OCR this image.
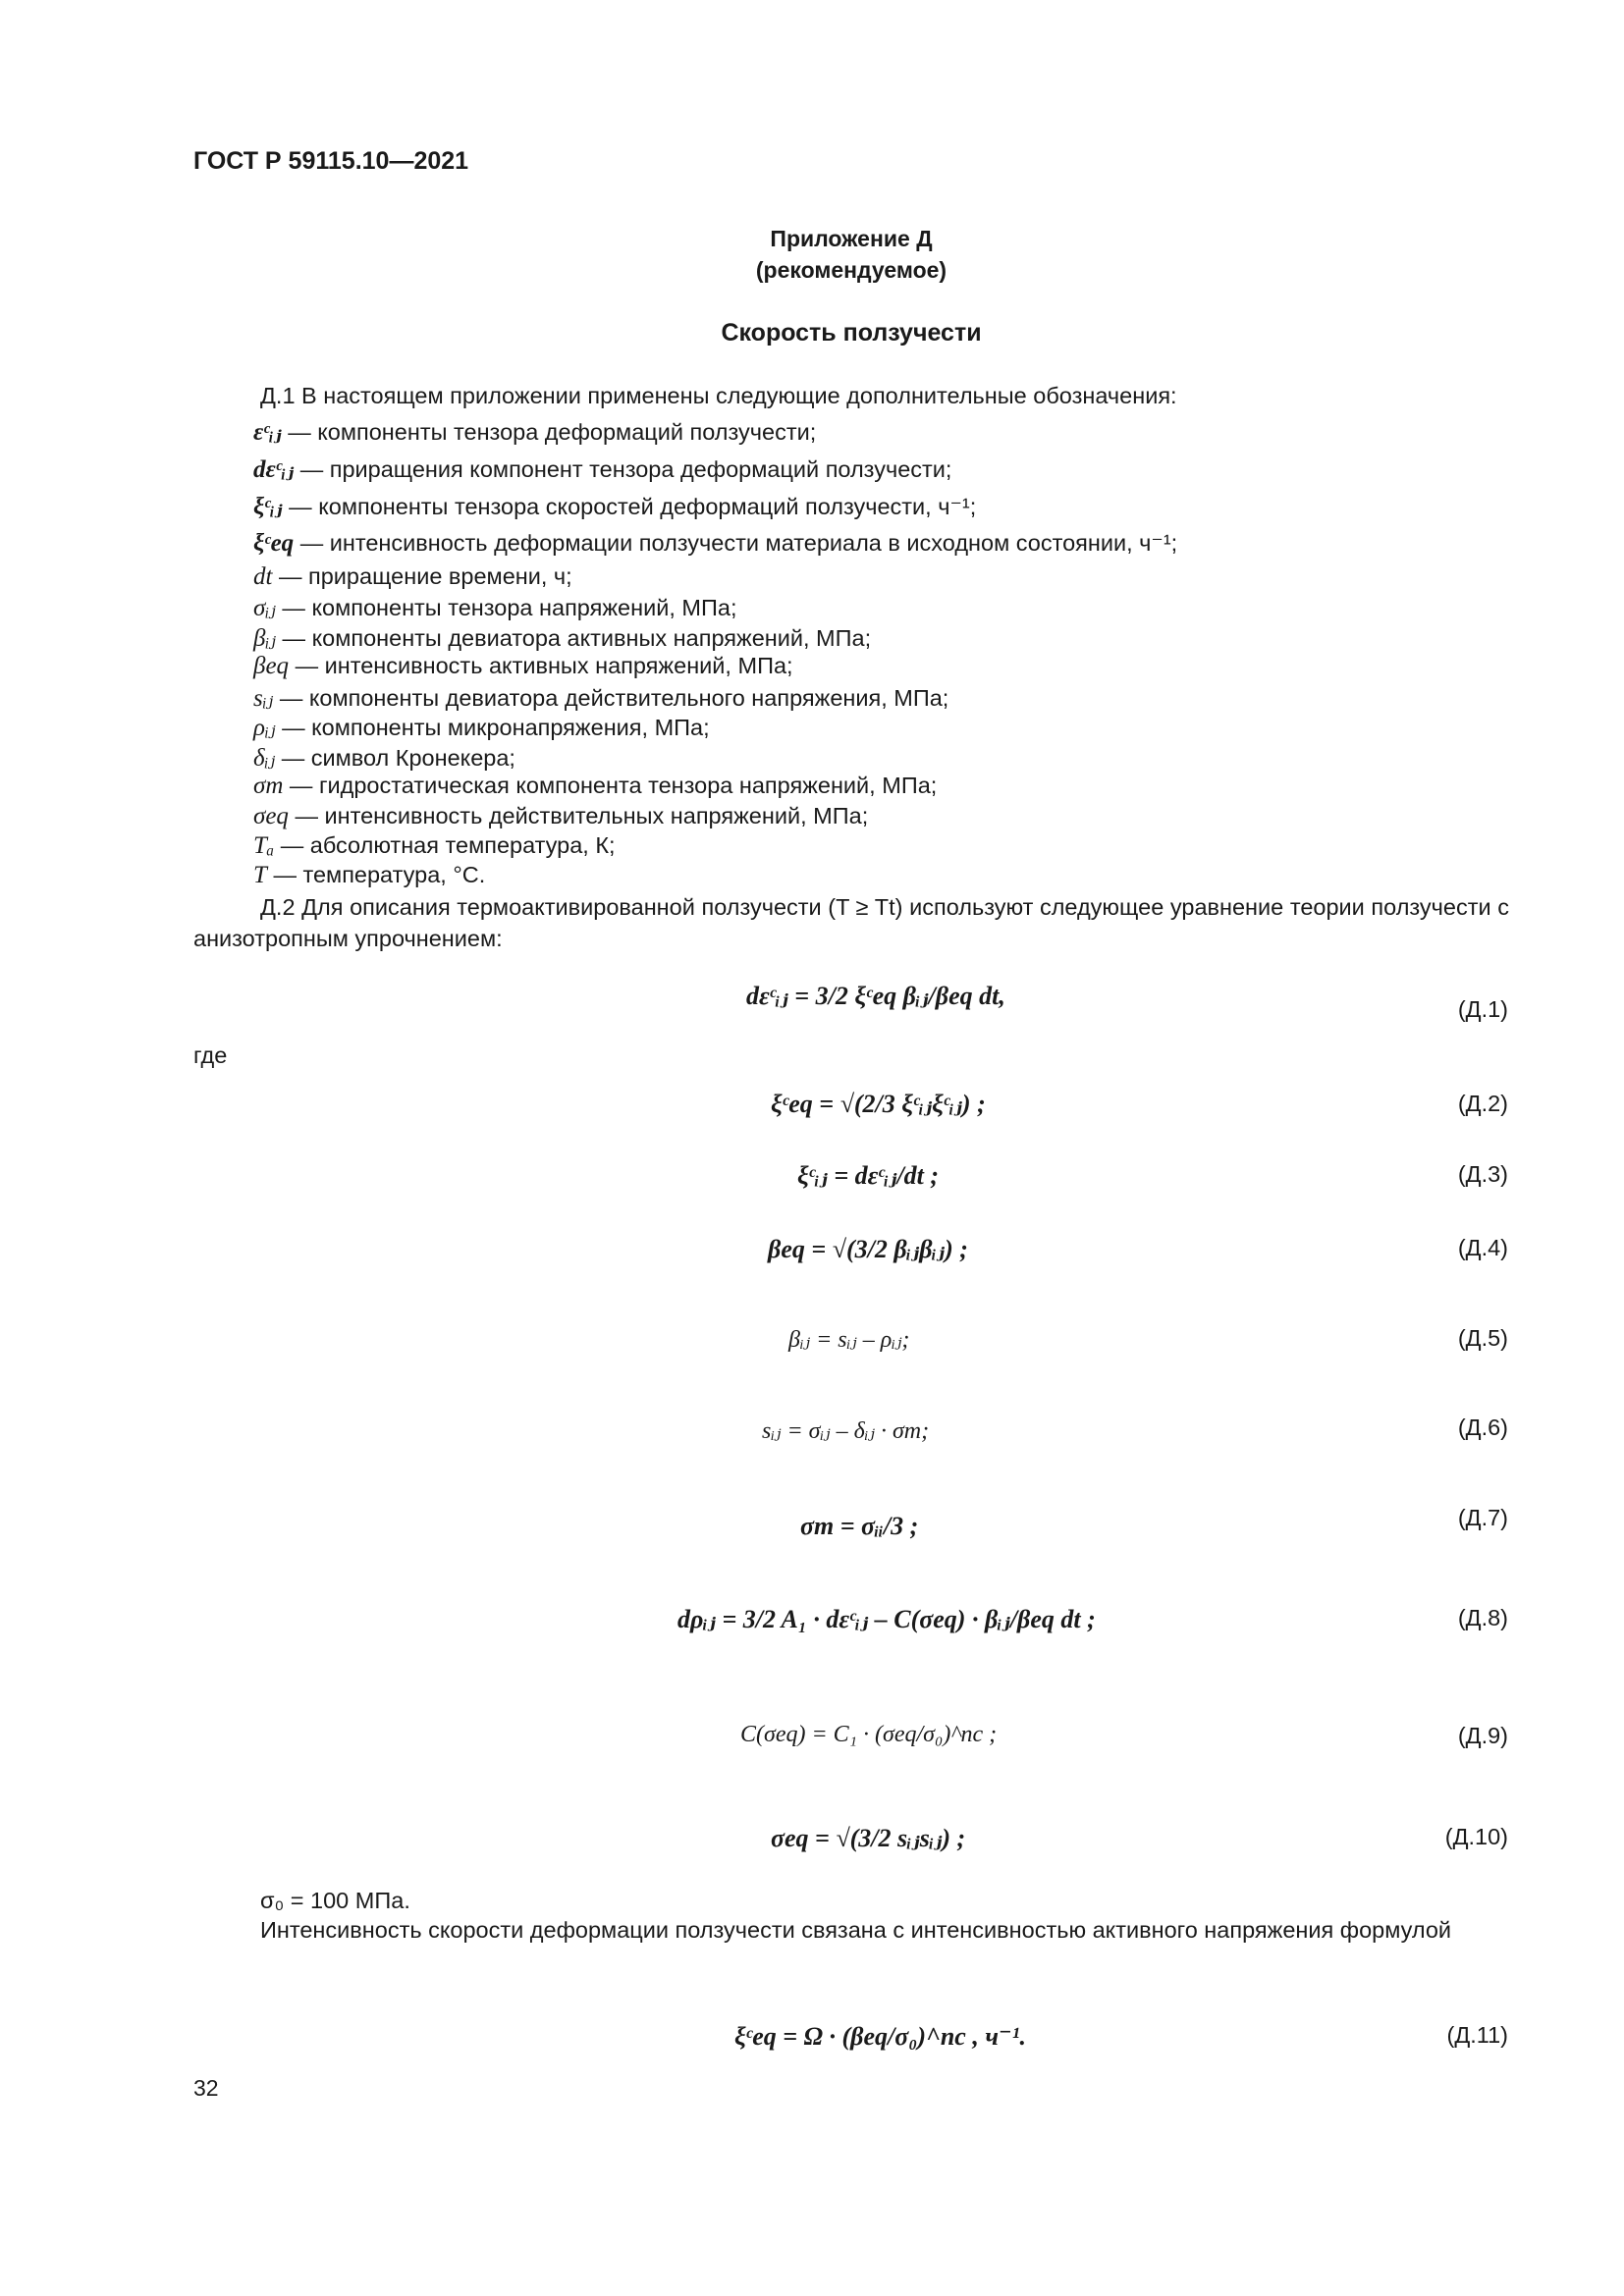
ГОСТ Р 59115.10—2021
Приложение Д
(рекомендуемое)
Скорость ползучести
Д.1 В настоящем приложении применены следующие дополнительные обозначения:
εᶜᵢⱼ — компоненты тензора деформаций ползучести;
dεᶜᵢⱼ — приращения компонент тензора деформаций ползучести;
ξᶜᵢⱼ — компоненты тензора скоростей деформаций ползучести, ч⁻¹;
ξᶜeq — интенсивность деформации ползучести материала в исходном состоянии, ч⁻¹;
dt — приращение времени, ч;
σᵢⱼ — компоненты тензора напряжений, МПа;
βᵢⱼ — компоненты девиатора активных напряжений, МПа;
βeq — интенсивность активных напряжений, МПа;
sᵢⱼ — компоненты девиатора действительного напряжения, МПа;
ρᵢⱼ — компоненты микронапряжения, МПа;
δᵢⱼ — символ Кронекера;
σm — гидростатическая компонента тензора напряжений, МПа;
σeq — интенсивность действительных напряжений, МПа;
Tₐ — абсолютная температура, К;
T — температура, °С.
Д.2 Для описания термоактивированной ползучести (T ≥ Tt) используют следующее уравнение теории ползучести с анизотропным упрочнением:
dεᶜᵢⱼ = 3/2 ξᶜeq βᵢⱼ/βeq dt,	(Д.1)
где
ξᶜeq = √(2/3 ξᶜᵢⱼξᶜᵢⱼ) ;	(Д.2)
ξᶜᵢⱼ = dεᶜᵢⱼ/dt ;	(Д.3)
βeq = √(3/2 βᵢⱼβᵢⱼ) ;	(Д.4)
βᵢⱼ = sᵢⱼ – ρᵢⱼ;	(Д.5)
sᵢⱼ = σᵢⱼ – δᵢⱼ · σm;	(Д.6)
σm = σᵢᵢ/3 ;	(Д.7)
dρᵢⱼ = 3/2 A₁ · dεᶜᵢⱼ – C(σeq) · βᵢⱼ/βeq dt ;	(Д.8)
C(σeq) = C₁ · (σeq/σ₀)^nc ;	(Д.9)
σeq = √(3/2 sᵢⱼsᵢⱼ) ;	(Д.10)
σ₀ = 100 МПа.
Интенсивность скорости деформации ползучести связана с интенсивностью активного напряжения формулой
ξᶜeq = Ω · (βeq/σ₀)^nc , ч⁻¹.	(Д.11)
32
